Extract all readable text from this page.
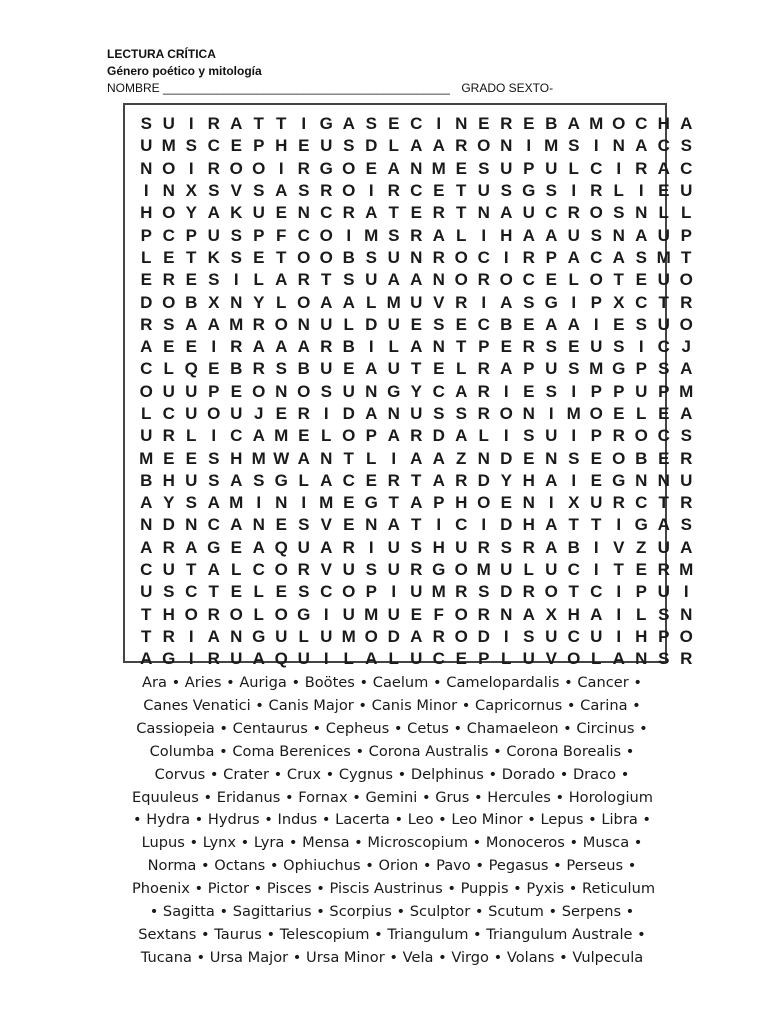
LECTURA CRÍTICA
Género poético y mitología
NOMBRE ___________________________________________ GRADO SEXTO-
S U I R A T T I G A S E C I N E R E B A M O C H A
U M S C E P H E U S D L A A R O N I M S I N A C S
N O I R O O I R G O E A N M E S U P U L C I R A C
I N X S V S A S R O I R C E T U S G S I R L I E U
H O Y A K U E N C R A T E R T N A U C R O S N L L
P C P U S P F C O I M S R A L I H A A U S N A U P
L E T K S E T O O B S U N R O C I R P A C A S M T
E R E S I L A R T S U A A N O R O C E L O T E U O
D O B X N Y L O A A L M U V R I A S G I P X C T R
R S A A M R O N U L D U E S E C B E A A I E S U O
A E E I R A A A R B I L A N T P E R S E U S I C J
C L Q E B R S B U E A U T E L R A P U S M G P S A
O U U P E O N O S U N G Y C A R I E S I P P U P M
L C U O U J E R I D A N U S S R O N I M O E L E A
U R L I C A M E L O P A R D A L I S U I P R O C S
M E E S H M W A N T L I A A Z N D E N S E O B E R
B H U S A S G L A C E R T A R D Y H A I E G N N U
A Y S A M I N I M E G T A P H O E N I X U R C T R
N D N C A N E S V E N A T I C I D H A T T I G A S
A R A G E A Q U A R I U S H U R S R A B I V Z U A
C U T A L C O R V U S U R G O M U L U C I T E R M
U S C T E L E S C O P I U M R S D R O T C I P U I
T H O R O L O G I U M U E F O R N A X H A I L S N
T R I A N G U L U M O D A R O D I S U C U I H P O
A G I R U A Q U I L A L U C E P L U V O L A N S R
Ara • Aries • Auriga • Boötes • Caelum • Camelopardalis • Cancer •
Canes Venatici • Canis Major • Canis Minor • Capricornus • Carina •
Cassiopeia • Centaurus • Cepheus • Cetus • Chamaeleon • Circinus •
Columba • Coma Berenices • Corona Australis • Corona Borealis •
Corvus • Crater • Crux • Cygnus • Delphinus • Dorado • Draco •
Equuleus • Eridanus • Fornax • Gemini • Grus • Hercules • Horologium
• Hydra • Hydrus • Indus • Lacerta • Leo • Leo Minor • Lepus • Libra •
Lupus • Lynx • Lyra • Mensa • Microscopium • Monoceros • Musca •
Norma • Octans • Ophiuchus • Orion • Pavo • Pegasus • Perseus •
Phoenix • Pictor • Pisces • Piscis Austrinus • Puppis • Pyxis • Reticulum
• Sagitta • Sagittarius • Scorpius • Sculptor • Scutum • Serpens •
Sextans • Taurus • Telescopium • Triangulum • Triangulum Australe •
Tucana • Ursa Major • Ursa Minor • Vela • Virgo • Volans • Vulpecula
